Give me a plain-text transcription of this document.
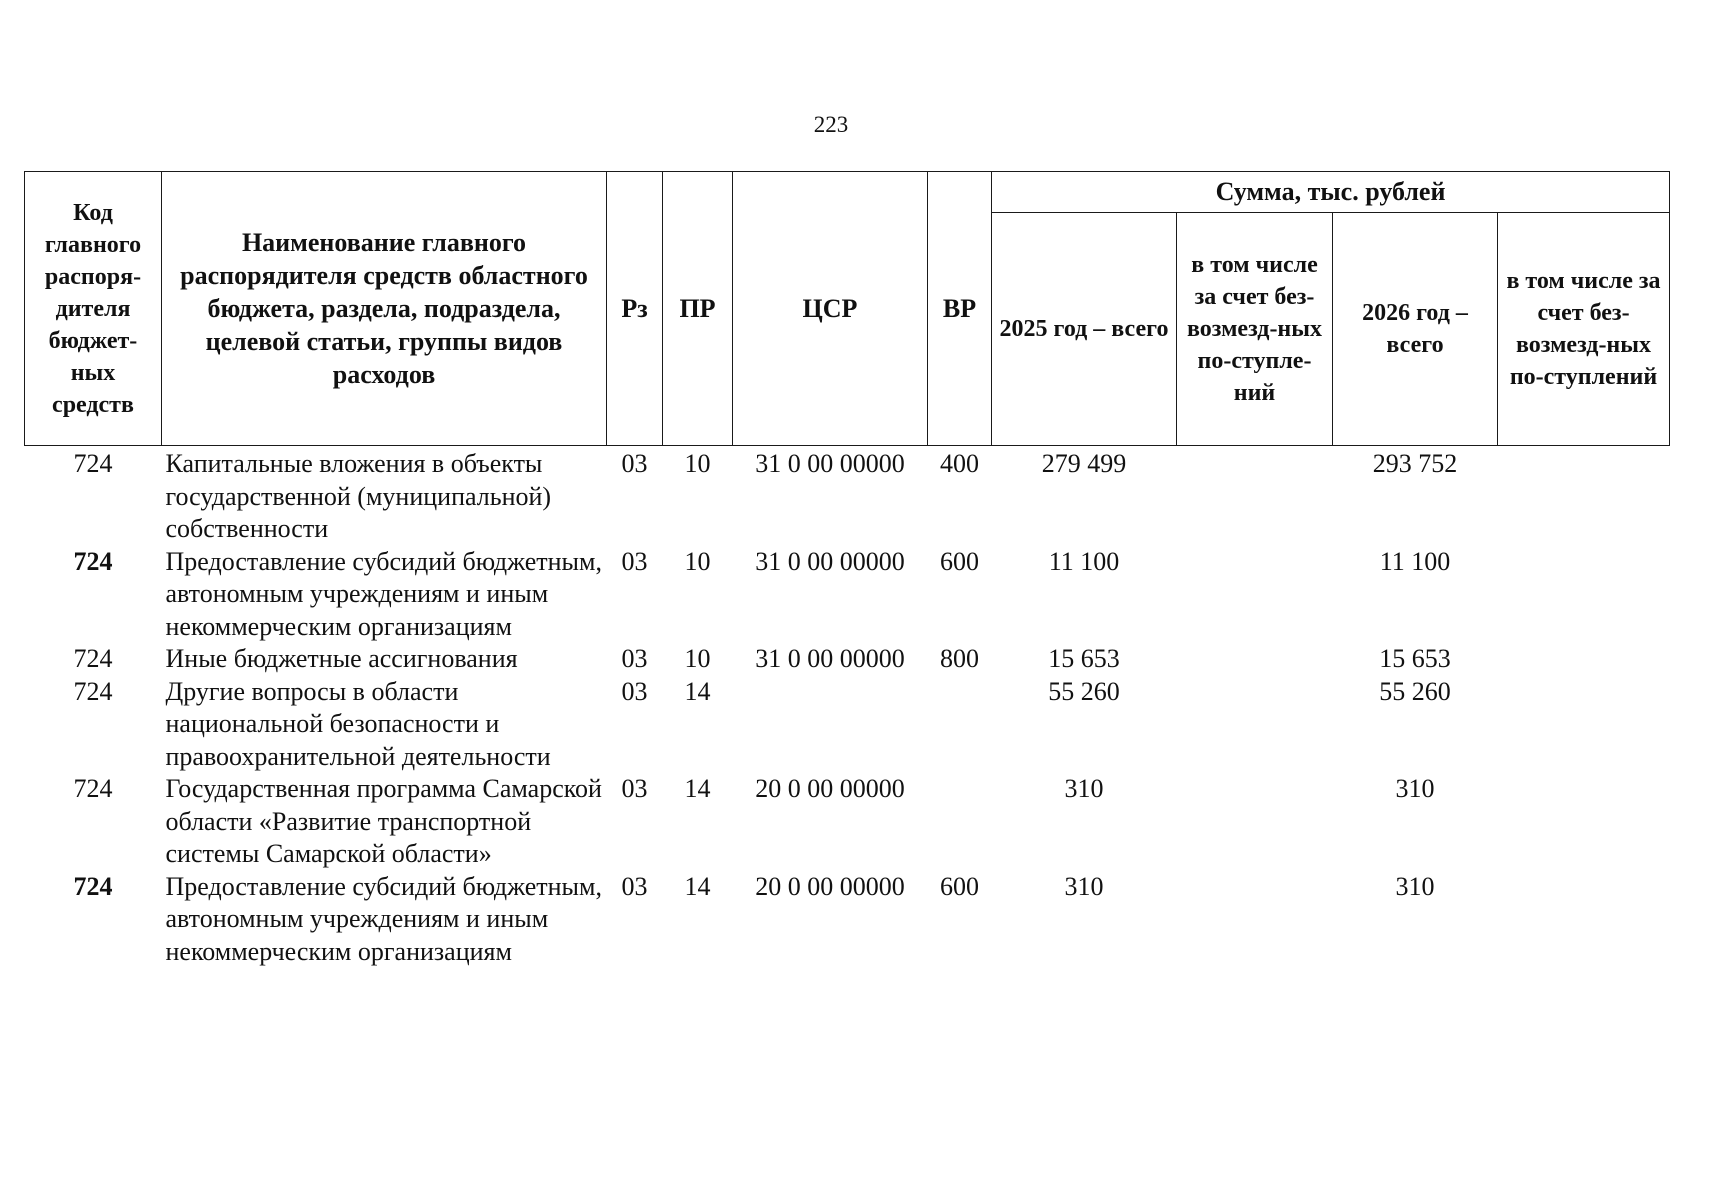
223
Код главного распоря-дителя бюджет-ных средств	Наименование главного распорядителя средств областного бюджета, раздела, подраздела, целевой статьи, группы видов расходов	Рз	ПР	ЦСР	ВР	Сумма, тыс. рублей			
						2025 год – всего	в том числе за счет без-возмезд-ных по-ступле-ний	2026 год – всего	в том числе за счет без-возмезд-ных по-ступлений
724	Капитальные вложения в объекты государственной (муниципальной) собственности	03	10	31 0 00 00000	400	279 499		293 752	
724	Предоставление субсидий бюджетным, автономным учреждениям и иным некоммерческим организациям	03	10	31 0 00 00000	600	11 100		11 100	
724	Иные бюджетные ассигнования	03	10	31 0 00 00000	800	15 653		15 653	
724	Другие вопросы в области национальной безопасности и правоохранительной деятельности	03	14			55 260		55 260	
724	Государственная программа Самарской области «Развитие транспортной системы Самарской области»	03	14	20 0 00 00000		310		310	
724	Предоставление субсидий бюджетным, автономным учреждениям и иным некоммерческим организациям	03	14	20 0 00 00000	600	310		310	
